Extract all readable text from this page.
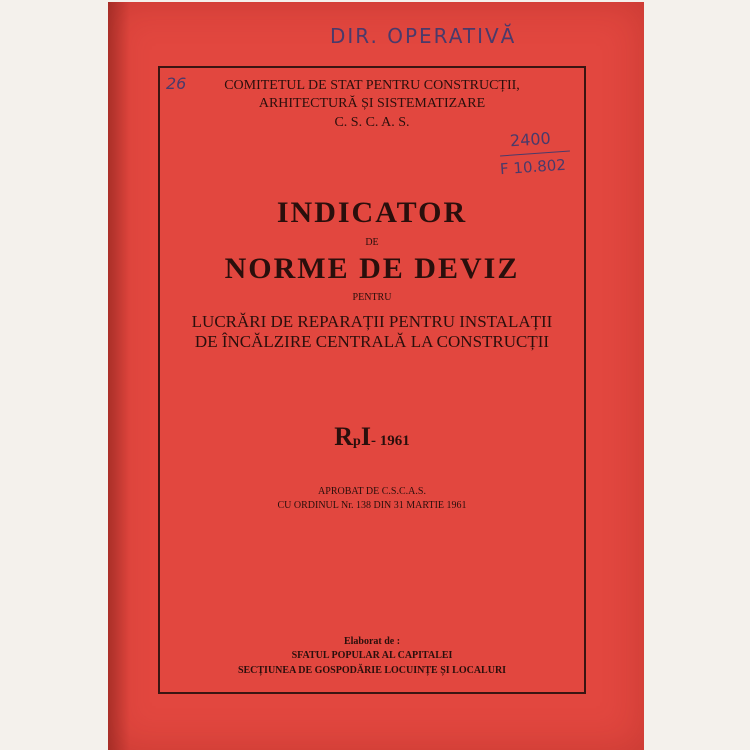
DIR. OPERATIVĂ
26
2400
F 10.802
COMITETUL DE STAT PENTRU CONSTRUCȚII,
ARHITECTURĂ ȘI SISTEMATIZARE
C. S. C. A. S.
INDICATOR
DE
NORME DE DEVIZ
PENTRU
LUCRĂRI DE REPARAȚII PENTRU INSTALAȚII
DE ÎNCĂLZIRE CENTRALĂ LA CONSTRUCȚII
RpI- 1961
APROBAT DE C.S.C.A.S.
CU ORDINUL Nr. 138 DIN 31 MARTIE 1961
Elaborat de :
SFATUL POPULAR AL CAPITALEI
SECȚIUNEA DE GOSPODĂRIE LOCUINȚE ȘI LOCALURI
